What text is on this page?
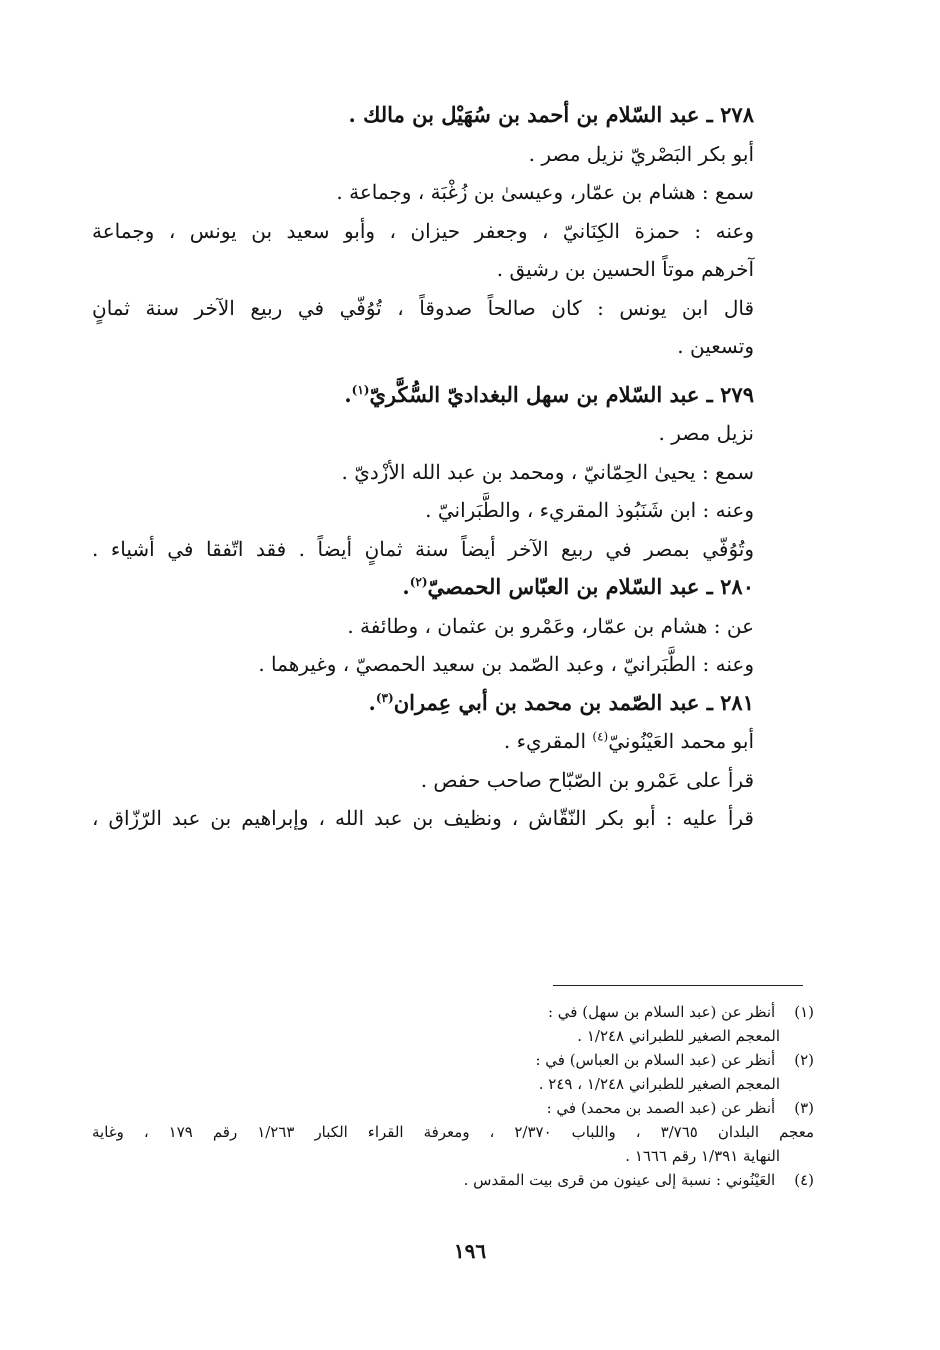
٢٧٨ ـ عبد السّلام بن أحمد بن سُهَيْل بن مالك .
أبو بكر البَصْريّ نزيل مصر .
سمع : هشام بن عمّار، وعيسىٰ بن زُغْبَة ، وجماعة .
وعنه : حمزة الكِنَانيّ ، وجعفر حيزان ، وأبو سعيد بن يونس ، وجماعة
آخرهم موتاً الحسين بن رشيق .
قال ابن يونس : كان صالحاً صدوقاً ، تُوُفّي في ربيع الآخر سنة ثمانٍ
وتسعين .
٢٧٩ ـ عبد السّلام بن سهل البغداديّ السُّكَّريّ$^{(١)}$.
نزيل مصر .
سمع : يحيىٰ الحِمّانيّ ، ومحمد بن عبد الله الأزْديّ .
وعنه : ابن شَنَبُوذ المقريء ، والطَّبَرانيّ .
وتُوُفّي بمصر في ربيع الآخر أيضاً سنة ثمانٍ أيضاً . فقد اتّفقا في أشياء .
٢٨٠ ـ عبد السّلام بن العبّاس الحمصيّ$^{(٢)}$.
عن : هشام بن عمّار، وعَمْرو بن عثمان ، وطائفة .
وعنه : الطَّبَرانيّ ، وعبد الصّمد بن سعيد الحمصيّ ، وغيرهما .
٢٨١ ـ عبد الصّمد بن محمد بن أبي عِمران$^{(٣)}$.
أبو محمد العَيْنُونيّ$^{(٤)}$ المقريء .
قرأ على عَمْرو بن الصّبّاح صاحب حفص .
قرأ عليه : أبو بكر النّقّاش ، ونظيف بن عبد الله ، وإبراهيم بن عبد الرّزّاق ،
(١) أنظر عن (عبد السلام بن سهل) في :
المعجم الصغير للطبراني ١/٢٤٨ .
(٢) أنظر عن (عبد السلام بن العباس) في :
المعجم الصغير للطبراني ١/٢٤٨ ، ٢٤٩ .
(٣) أنظر عن (عبد الصمد بن محمد) في :
معجم البلدان ٣/٧٦٥ ، واللباب ٢/٣٧٠ ، ومعرفة القراء الكبار ١/٢٦٣ رقم ١٧٩ ، وغاية
النهاية ١/٣٩١ رقم ١٦٦٦ .
(٤) العَيْنُوني : نسبة إلى عينون من قرى بيت المقدس .
١٩٦
